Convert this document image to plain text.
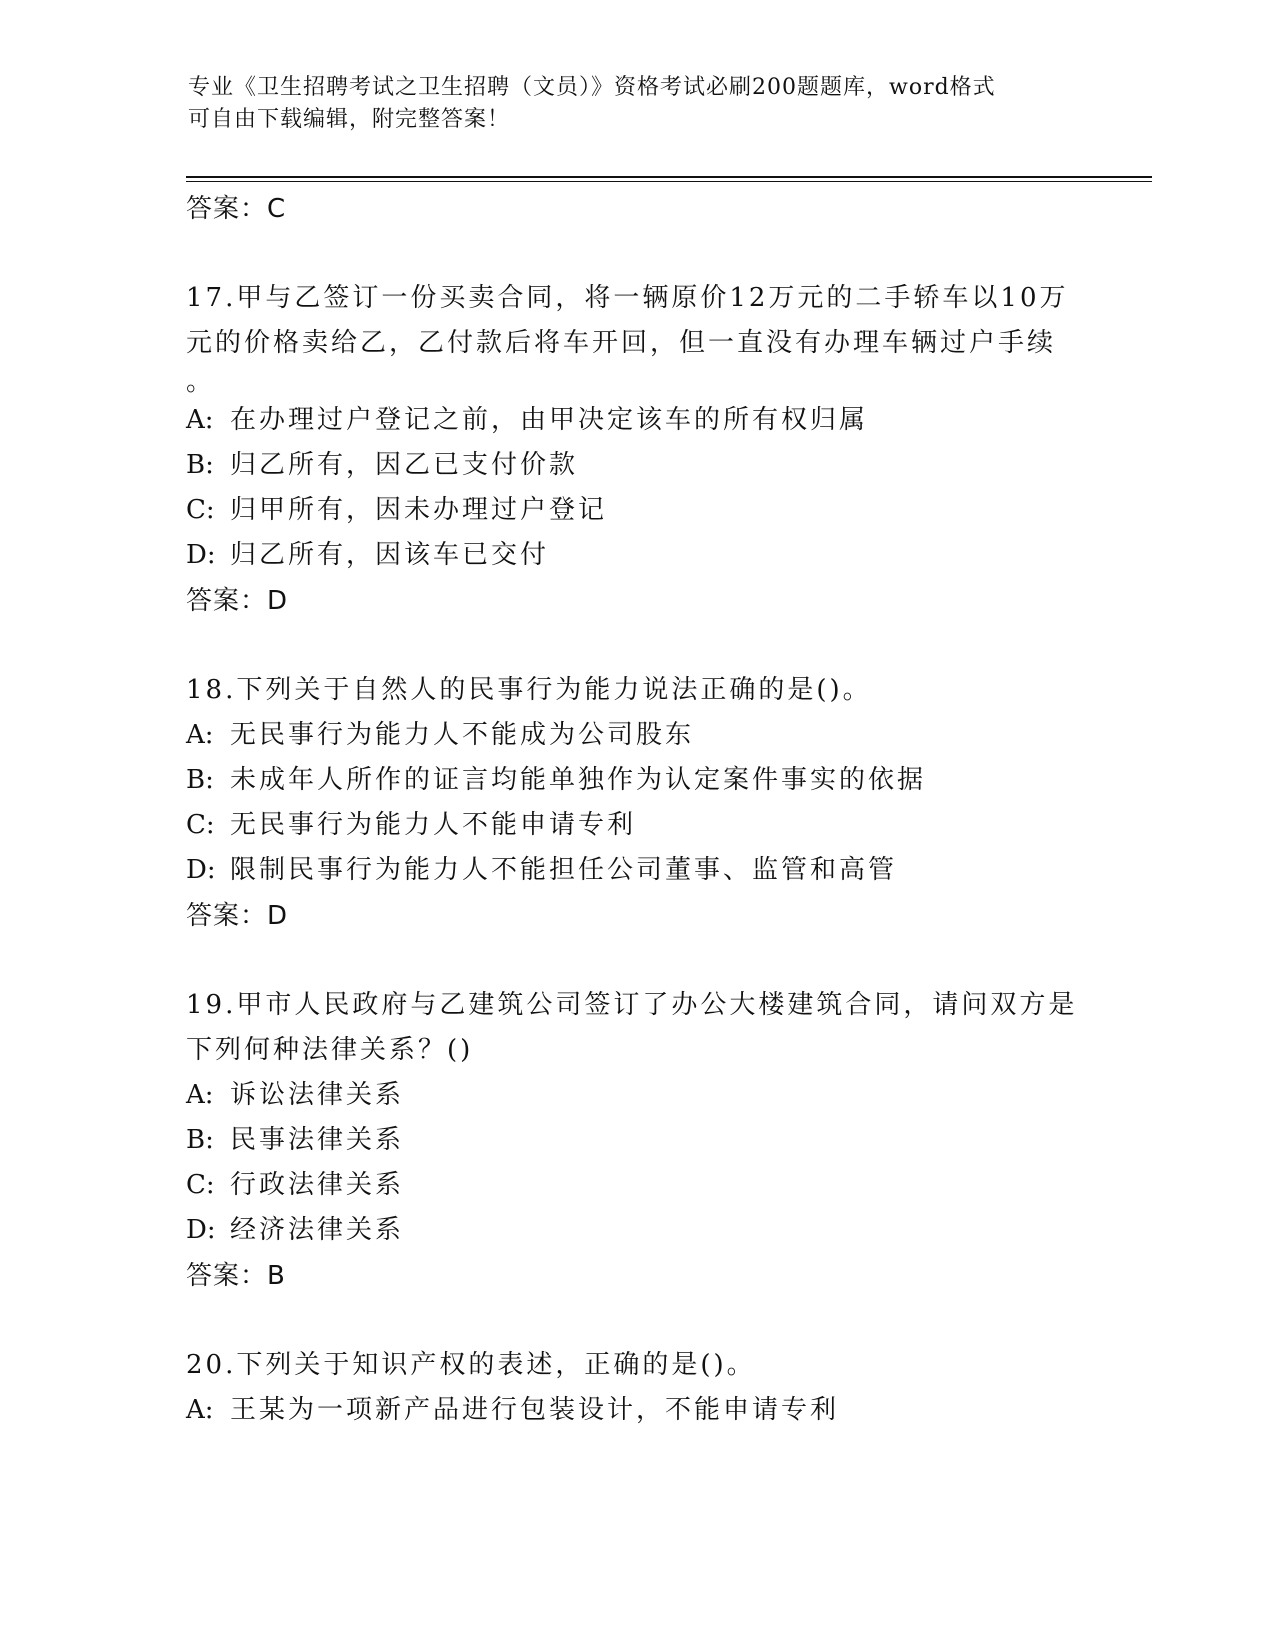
专业《卫生招聘考试之卫生招聘（文员）》资格考试必刷200题题库，word格式
可自由下载编辑，附完整答案！
答案：C
17.甲与乙签订一份买卖合同，将一辆原价12万元的二手轿车以10万
元的价格卖给乙，乙付款后将车开回，但一直没有办理车辆过户手续
。
A: 在办理过户登记之前，由甲决定该车的所有权归属
B: 归乙所有，因乙已支付价款
C: 归甲所有，因未办理过户登记
D: 归乙所有，因该车已交付
答案：D
18.下列关于自然人的民事行为能力说法正确的是()。
A: 无民事行为能力人不能成为公司股东
B: 未成年人所作的证言均能单独作为认定案件事实的依据
C: 无民事行为能力人不能申请专利
D: 限制民事行为能力人不能担任公司董事、监管和高管
答案：D
19.甲市人民政府与乙建筑公司签订了办公大楼建筑合同，请问双方是
下列何种法律关系？()
A: 诉讼法律关系
B: 民事法律关系
C: 行政法律关系
D: 经济法律关系
答案：B
20.下列关于知识产权的表述，正确的是()。
A: 王某为一项新产品进行包装设计，不能申请专利
